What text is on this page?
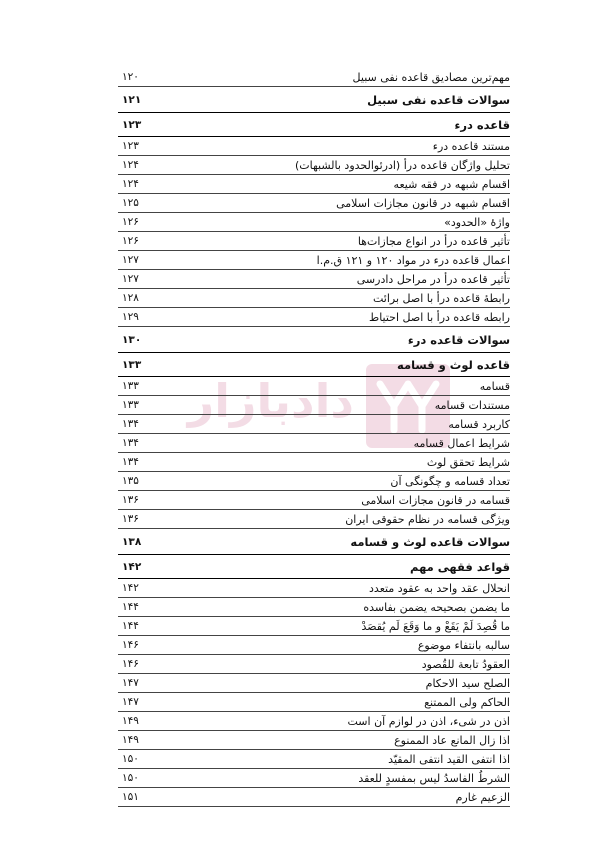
دادبازار
مهم‌ترین مصادیق قاعده نفی سبیل
۱۲۰
سوالات قاعده نفی سبیل
۱۲۱
قاعده درء
۱۲۳
مستند قاعده درء
۱۲۳
تحلیل واژگان قاعده درأ (ادرئوالحدود بالشبهات)
۱۲۴
اقسام شبهه در فقه شیعه
۱۲۴
اقسام شبهه در قانون مجازات اسلامی
۱۲۵
واژهٔ «الحدود»
۱۲۶
تأثیر قاعده درأ در انواع مجازات‌ها
۱۲۶
اعمال قاعده درء در مواد ۱۲۰ و ۱۲۱ ق.م.ا
۱۲۷
تأثیر قاعده درأ در مراحل دادرسی
۱۲۷
رابطهٔ قاعده درأ با اصل برائت
۱۲۸
رابطه قاعده درأ با اصل احتیاط
۱۲۹
سوالات قاعده درء
۱۳۰
قاعده لوث و قسامه
۱۳۳
قسامه
۱۳۳
مستندات قسامه
۱۳۳
کاربرد قسامه
۱۳۴
شرایط اعمال قسامه
۱۳۴
شرایط تحقق لوث
۱۳۴
تعداد قسامه و چگونگی آن
۱۳۵
قسامه در قانون مجازات اسلامی
۱۳۶
ویژگی قسامه در نظام حقوقی ایران
۱۳۶
سوالات قاعده لوث و قسامه
۱۳۸
قواعد فقهی مهم
۱۴۲
انحلال عقد واحد به عقود متعدد
۱۴۲
ما یضمن بصحیحه یضمن بفاسده
۱۴۴
ما قُصِدَ لَمْ یَقَعْ و ما وَقَعَ لَم یُقصَدْ
۱۴۴
سالبه بانتفاء موضوع
۱۴۶
العقودُ تابعة للقُصود
۱۴۶
الصلح سید الاحکام
۱۴۷
الحاکم ولی الممتنع
۱۴۷
اذن در شیء، اذن در لوازم آن است
۱۴۹
اذا زال المانع عاد الممنوع
۱۴۹
اذا انتفی القید انتفی المقیّد
۱۵۰
الشرطُ الفاسدُ لیس بمفسدٍ للعقد
۱۵۰
الزعیم غارم
۱۵۱
